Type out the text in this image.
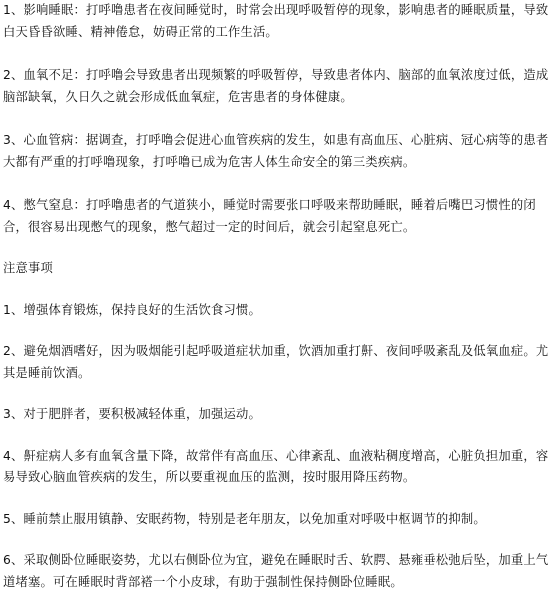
1、影响睡眠：打呼噜患者在夜间睡觉时，时常会出现呼吸暂停的现象，影响患者的睡眠质量，导致白天昏昏欲睡、精神倦怠，妨碍正常的工作生活。

2、血氧不足：打呼噜会导致患者出现频繁的呼吸暂停，导致患者体内、脑部的血氧浓度过低，造成脑部缺氧，久日久之就会形成低血氧症，危害患者的身体健康。

3、心血管病：据调查，打呼噜会促进心血管疾病的发生，如患有高血压、心脏病、冠心病等的患者大都有严重的打呼噜现象，打呼噜已成为危害人体生命安全的第三类疾病。

4、憋气窒息：打呼噜患者的气道狭小，睡觉时需要张口呼吸来帮助睡眠，睡着后嘴巴习惯性的闭合，很容易出现憋气的现象，憋气超过一定的时间后，就会引起窒息死亡。

注意事项

1、增强体育锻炼，保持良好的生活饮食习惯。

2、避免烟酒嗜好，因为吸烟能引起呼吸道症状加重，饮酒加重打鼾、夜间呼吸紊乱及低氧血症。尤其是睡前饮酒。

3、对于肥胖者，要积极减轻体重，加强运动。

4、鼾症病人多有血氧含量下降，故常伴有高血压、心律紊乱、血液粘稠度增高，心脏负担加重，容易导致心脑血管疾病的发生，所以要重视血压的监测，按时服用降压药物。

5、睡前禁止服用镇静、安眠药物，特别是老年朋友，以免加重对呼吸中枢调节的抑制。

6、采取侧卧位睡眠姿势，尤以右侧卧位为宜，避免在睡眠时舌、软腭、悬雍垂松弛后坠，加重上气道堵塞。可在睡眠时背部褡一个小皮球，有助于强制性保持侧卧位睡眠。
